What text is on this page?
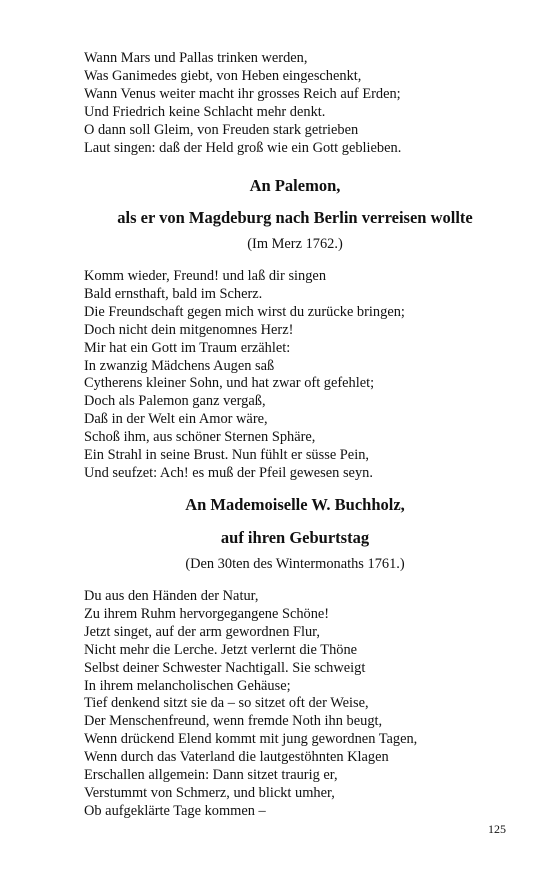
Wann Mars und Pallas trinken werden,
Was Ganimedes giebt, von Heben eingeschenkt,
Wann Venus weiter macht ihr grosses Reich auf Erden;
Und Friedrich keine Schlacht mehr denkt.
O dann soll Gleim, von Freuden stark getrieben
Laut singen: daß der Held groß wie ein Gott geblieben.
An Palemon,
als er von Magdeburg nach Berlin verreisen wollte
(Im Merz 1762.)
Komm wieder, Freund! und laß dir singen
Bald ernsthaft, bald im Scherz.
Die Freundschaft gegen mich wirst du zurücke bringen;
Doch nicht dein mitgenomnes Herz!
Mir hat ein Gott im Traum erzählet:
In zwanzig Mädchens Augen saß
Cytherens kleiner Sohn, und hat zwar oft gefehlet;
Doch als Palemon ganz vergaß,
Daß in der Welt ein Amor wäre,
Schoß ihm, aus schöner Sternen Sphäre,
Ein Strahl in seine Brust. Nun fühlt er süsse Pein,
Und seufzet: Ach! es muß der Pfeil gewesen seyn.
An Mademoiselle W. Buchholz,
auf ihren Geburtstag
(Den 30ten des Wintermonaths 1761.)
Du aus den Händen der Natur,
Zu ihrem Ruhm hervorgegangene Schöne!
Jetzt singet, auf der arm gewordnen Flur,
Nicht mehr die Lerche. Jetzt verlernt die Thöne
Selbst deiner Schwester Nachtigall. Sie schweigt
In ihrem melancholischen Gehäuse;
Tief denkend sitzt sie da – so sitzet oft der Weise,
Der Menschenfreund, wenn fremde Noth ihn beugt,
Wenn drückend Elend kommt mit jung gewordnen Tagen,
Wenn durch das Vaterland die lautgestöhnten Klagen
Erschallen allgemein: Dann sitzet traurig er,
Verstummt von Schmerz, und blickt umher,
Ob aufgeklärte Tage kommen –
125
